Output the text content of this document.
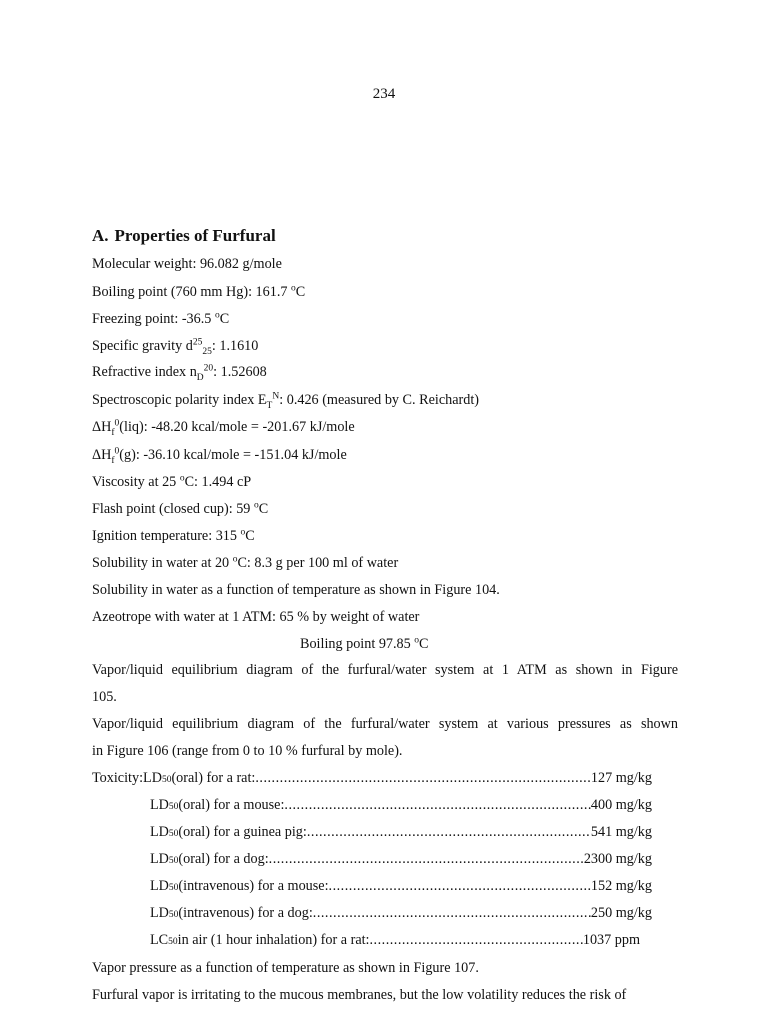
234
A. Properties of Furfural
Molecular weight: 96.082 g/mole
Boiling point (760 mm Hg): 161.7 $^o$C
Freezing point: -36.5 $^o$C
Specific gravity $d^{25}_{25}$: 1.1610
Refractive index $n_D^{20}$: 1.52608
Spectroscopic polarity index $E_T^N$: 0.426 (measured by C. Reichardt)
$\Delta H_f^0(liq)$: -48.20 kcal/mole = -201.67 kJ/mole
$\Delta H_f^0(g)$: -36.10 kcal/mole = -151.04 kJ/mole
Viscosity at 25 $^o$C: 1.494 cP
Flash point (closed cup): 59 $^o$C
Ignition temperature: 315 $^o$C
Solubility in water at 20 $^o$C: 8.3 g per 100 ml of water
Solubility in water as a function of temperature as shown in Figure 104.
Azeotrope with water at 1 ATM: 65 % by weight of water
Boiling point 97.85 $^o$C
Vapor/liquid equilibrium diagram of the furfural/water system at 1 ATM as shown in Figure
105.
Vapor/liquid equilibrium diagram of the furfural/water system at various pressures as shown
in Figure 106 (range from 0 to 10 % furfural by mole).
Toxicity: LD 50 (oral) for a rat: .....	127 mg/kg
LD 50 (oral) for a mouse: .....	400 mg/kg
LD 50 (oral) for a guinea pig: .....	541 mg/kg
LD 50 (oral) for a dog: .....	2300 mg/kg
LD 50 (intravenous) for a mouse: .....	152 mg/kg
LD 50 (intravenous) for a dog: .....	250 mg/kg
LC 50 in air (1 hour inhalation) for a rat: .....	1037 ppm
Vapor pressure as a function of temperature as shown in Figure 107.
Furfural vapor is irritating to the mucous membranes, but the low volatility reduces the risk of
